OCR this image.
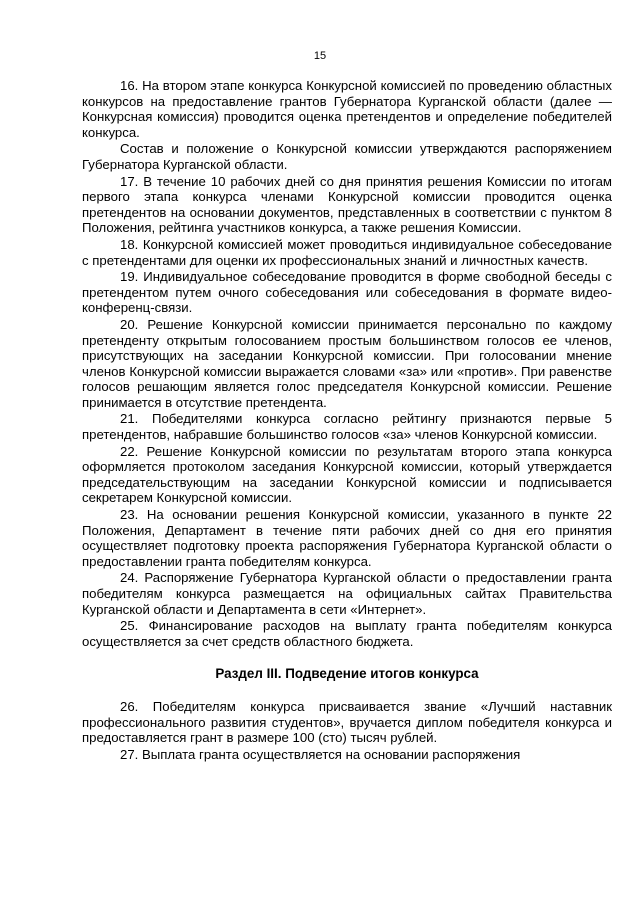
15

16. На втором этапе конкурса Конкурсной комиссией по проведению областных конкурсов на предоставление грантов Губернатора Курганской области (далее — Конкурсная комиссия) проводится оценка претендентов и определение победителей конкурса.

Состав и положение о Конкурсной комиссии утверждаются распоряжением Губернатора Курганской области.

17. В течение 10 рабочих дней со дня принятия решения Комиссии по итогам первого этапа конкурса членами Конкурсной комиссии проводится оценка претендентов на основании документов, представленных в соответствии с пунктом 8 Положения, рейтинга участников конкурса, а также решения Комиссии.

18. Конкурсной комиссией может проводиться индивидуальное собеседование с претендентами для оценки их профессиональных знаний и личностных качеств.

19. Индивидуальное собеседование проводится в форме свободной беседы с претендентом путем очного собеседования или собеседования в формате видео-конференц-связи.

20. Решение Конкурсной комиссии принимается персонально по каждому претенденту открытым голосованием простым большинством голосов ее членов, присутствующих на заседании Конкурсной комиссии. При голосовании мнение членов Конкурсной комиссии выражается словами «за» или «против». При равенстве голосов решающим является голос председателя Конкурсной комиссии. Решение принимается в отсутствие претендента.

21. Победителями конкурса согласно рейтингу признаются первые 5 претендентов, набравшие большинство голосов «за» членов Конкурсной комиссии.

22. Решение Конкурсной комиссии по результатам второго этапа конкурса оформляется протоколом заседания Конкурсной комиссии, который утверждается председательствующим на заседании Конкурсной комиссии и подписывается секретарем Конкурсной комиссии.

23. На основании решения Конкурсной комиссии, указанного в пункте 22 Положения, Департамент в течение пяти рабочих дней со дня его принятия осуществляет подготовку проекта распоряжения Губернатора Курганской области о предоставлении гранта победителям конкурса.

24. Распоряжение Губернатора Курганской области о предоставлении гранта победителям конкурса размещается на официальных сайтах Правительства Курганской области и Департамента в сети «Интернет».

25. Финансирование расходов на выплату гранта победителям конкурса осуществляется за счет средств областного бюджета.

Раздел III. Подведение итогов конкурса

26. Победителям конкурса присваивается звание «Лучший наставник профессионального развития студентов», вручается диплом победителя конкурса и предоставляется грант в размере 100 (сто) тысяч рублей.

27. Выплата гранта осуществляется на основании распоряжения
